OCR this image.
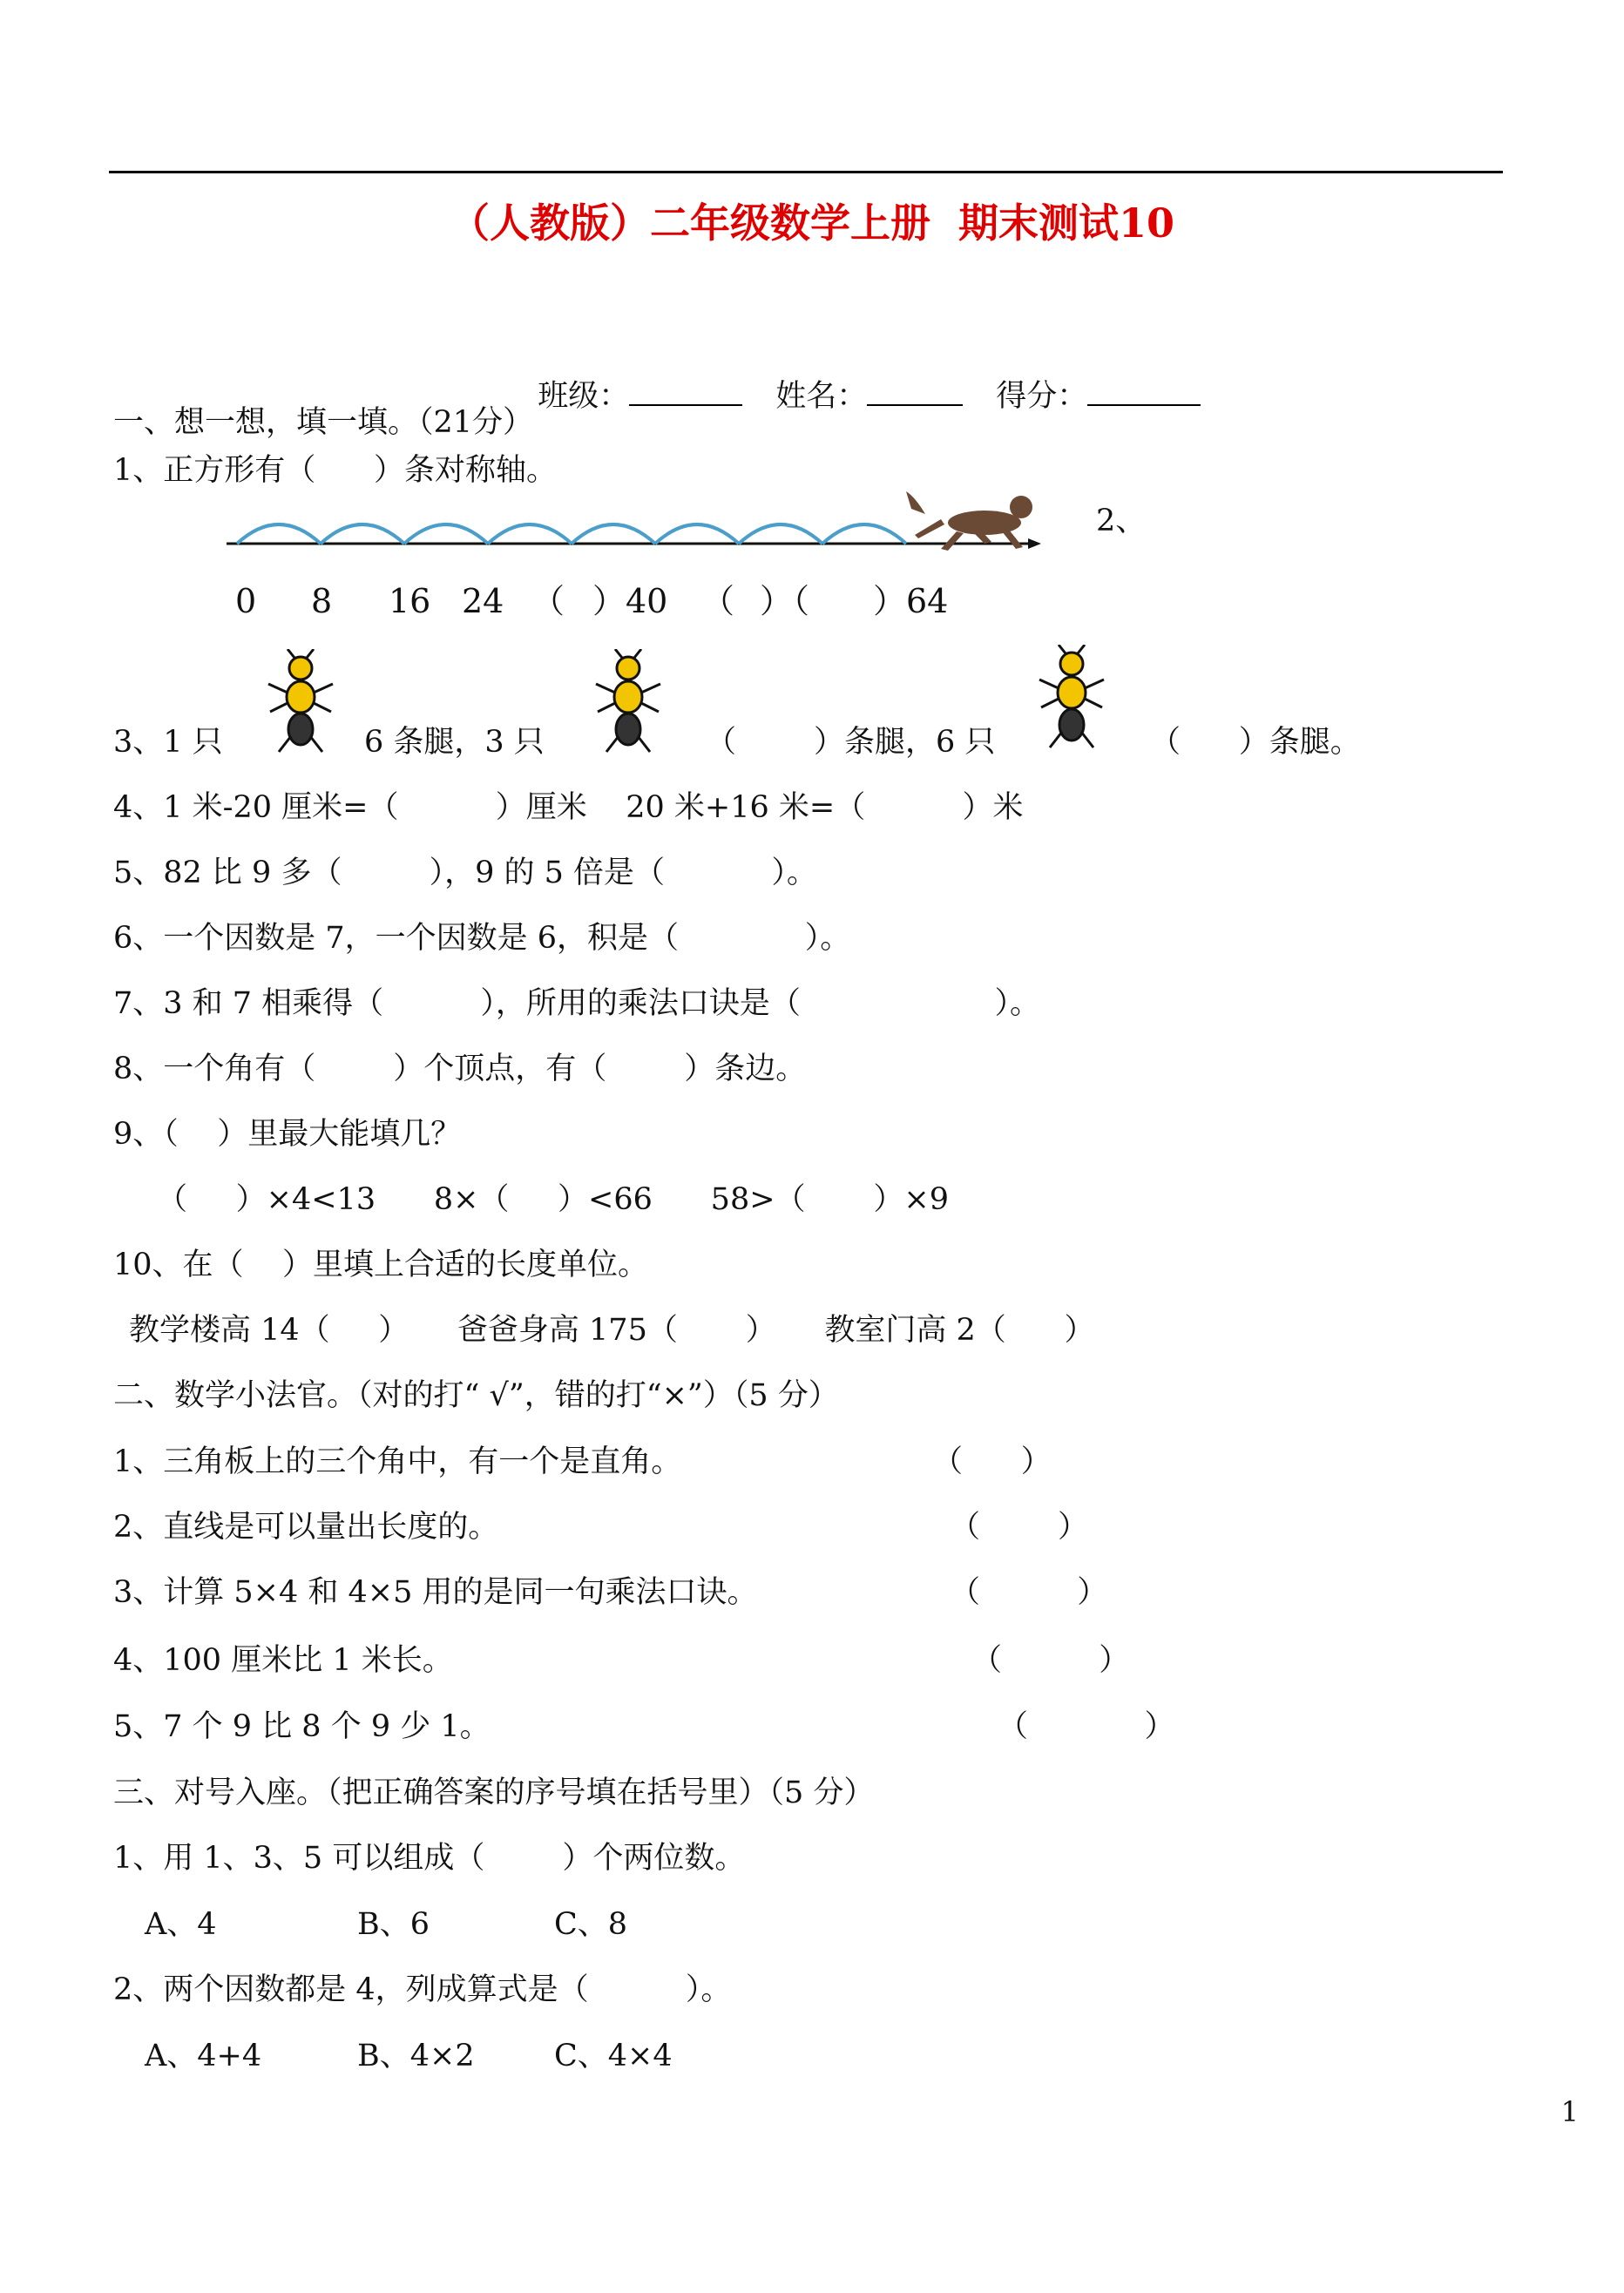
（人教版）二年级数学上册  期末测试10

班级：	姓名：	得分：

一、想一想，填一填。（21分）
1、正方形有（      ）条对称轴。
2、
0 8 16 24 （ ）40 （ ）（ ）64
3、1 只	6 条腿，3 只	（        ）条腿，6 只	（      ）条腿。
4、1 米-20 厘米=（          ）厘米    20 米+16 米=（          ）米
5、82 比 9 多（         ），9 的 5 倍是（           ）。
6、一个因数是 7，一个因数是 6，积是（             ）。
7、3 和 7 相乘得（          ），所用的乘法口诀是（                    ）。
8、一个角有（        ）个顶点，有（        ）条边。
9、（    ）里最大能填几？
（     ）×4<13      8×（     ）<66      58>（       ）×9
10、在（    ）里填上合适的长度单位。
教学楼高 14（     ）     爸爸身高 175（       ）     教室门高 2（      ）
二、数学小法官。（对的打“ √”，错的打“×”）（5 分）
1、三角板上的三个角中，有一个是直角。	（      ）
2、直线是可以量出长度的。	（        ）
3、计算 5×4 和 4×5 用的是同一句乘法口诀。	（          ）
4、100 厘米比 1 米长。	（          ）
5、7 个 9 比 8 个 9 少 1。	（            ）
三、对号入座。（把正确答案的序号填在括号里）（5 分）
1、用 1、3、5 可以组成（        ）个两位数。
A、4	B、6	C、8
2、两个因数都是 4，列成算式是（          ）。
A、4+4	B、4×2	C、4×4
1
